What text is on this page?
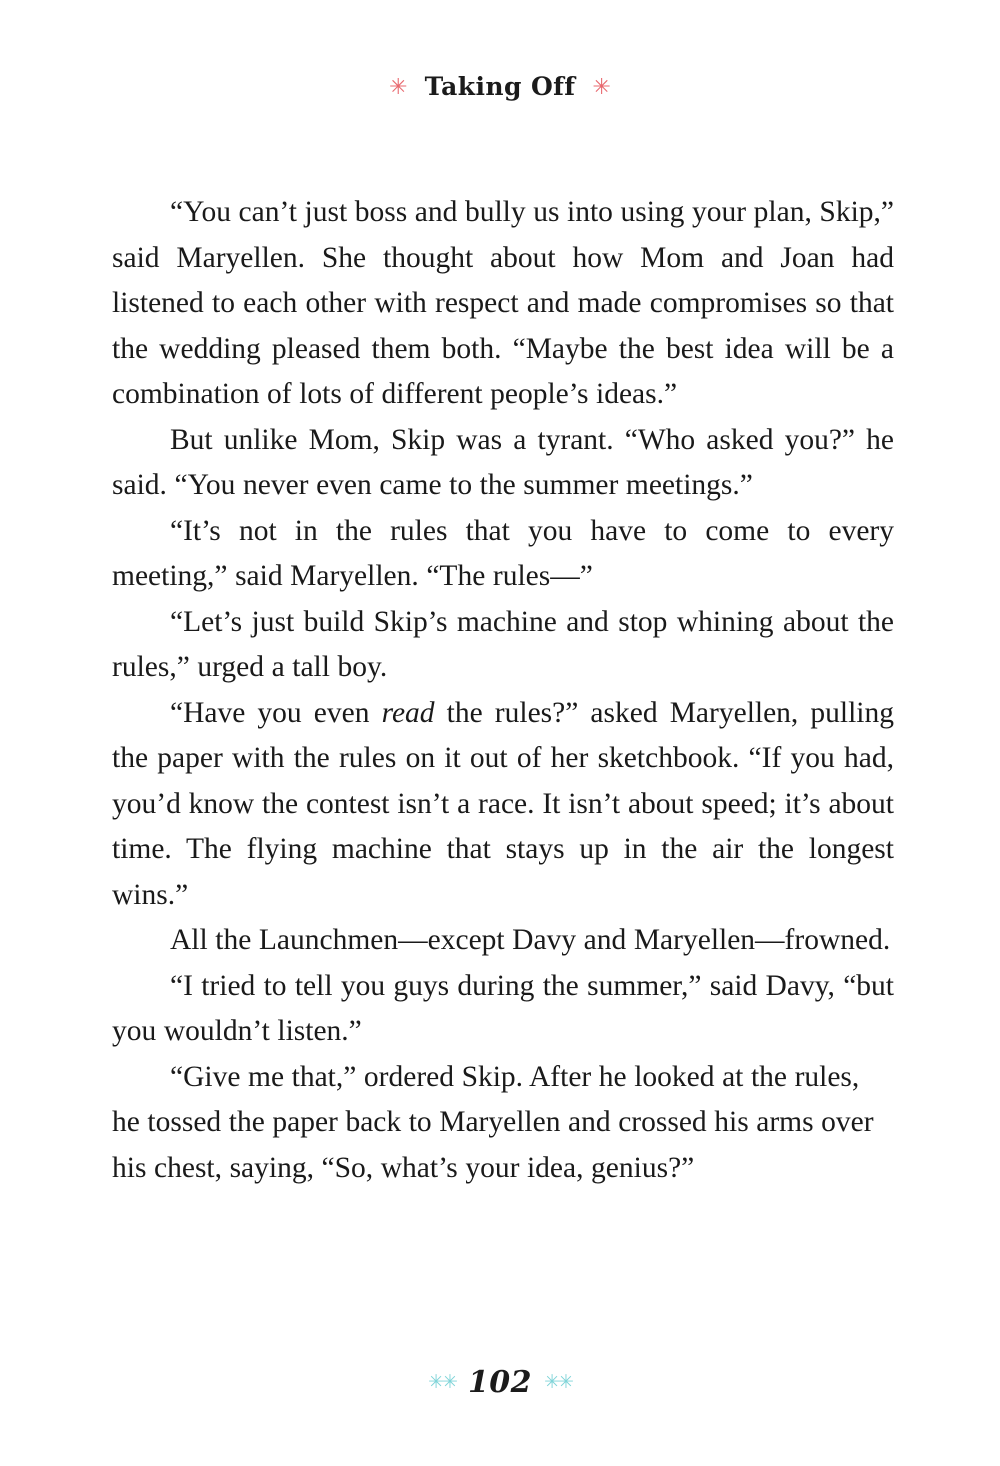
✳ Taking Off ✳

“You can’t just boss and bully us into using your plan, Skip,” said Maryellen. She thought about how Mom and Joan had listened to each other with respect and made compromises so that the wedding pleased them both. “Maybe the best idea will be a combination of lots of different people’s ideas.”

But unlike Mom, Skip was a tyrant. “Who asked you?” he said. “You never even came to the summer meetings.”

“It’s not in the rules that you have to come to every meeting,” said Maryellen. “The rules—”

“Let’s just build Skip’s machine and stop whining about the rules,” urged a tall boy.

“Have you even read the rules?” asked Maryellen, pulling the paper with the rules on it out of her sketchbook. “If you had, you’d know the contest isn’t a race. It isn’t about speed; it’s about time. The flying machine that stays up in the air the longest wins.”

All the Launchmen—except Davy and Maryellen—frowned.

“I tried to tell you guys during the summer,” said Davy, “but you wouldn’t listen.”

“Give me that,” ordered Skip. After he looked at the rules, he tossed the paper back to Maryellen and crossed his arms over his chest, saying, “So, what’s your idea, genius?”

✳✳ 102 ✳✳
